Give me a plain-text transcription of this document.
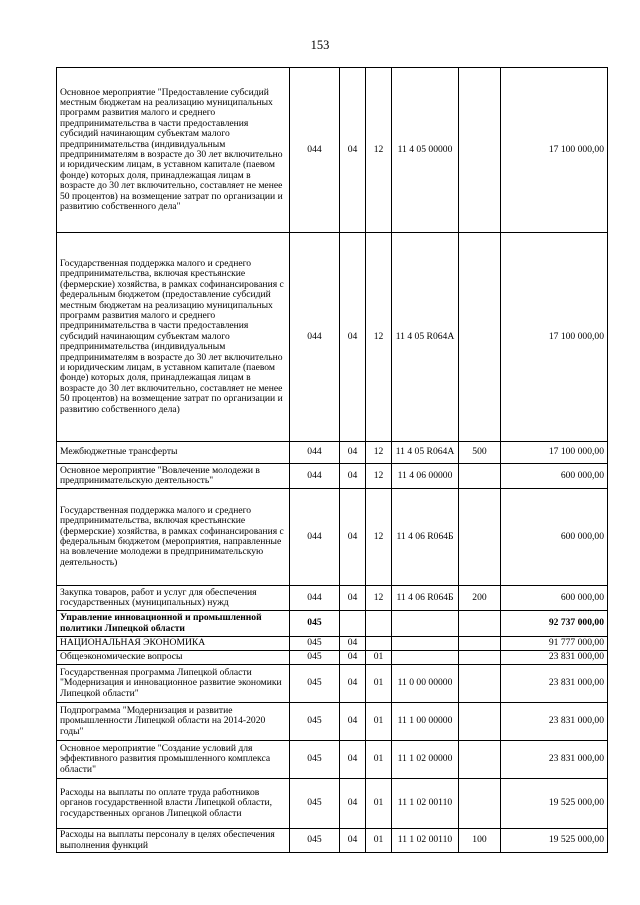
153
Основное мероприятие "Предоставление субсидий местным бюджетам на реализацию муниципальных программ развития малого и среднего предпринимательства в части предоставления субсидий начинающим субъектам малого предпринимательства (индивидуальным предпринимателям в возрасте до 30 лет включительно и юридическим лицам, в уставном капитале (паевом фонде) которых доля, принадлежащая лицам в возрасте до 30 лет включительно, составляет не менее 50 процентов) на возмещение затрат по организации и развитию собственного дела"	044	04	12	11 4 05 00000		17 100 000,00
Государственная поддержка малого и среднего предпринимательства, включая крестьянские (фермерские) хозяйства, в рамках софинансирования с федеральным бюджетом (предоставление субсидий местным бюджетам на реализацию муниципальных программ развития малого и среднего предпринимательства в части предоставления субсидий начинающим субъектам малого предпринимательства (индивидуальным предпринимателям в возрасте до 30 лет включительно и юридическим лицам, в уставном капитале (паевом фонде) которых доля, принадлежащая лицам в возрасте до 30 лет включительно, составляет не менее 50 процентов) на возмещение затрат по организации и развитию собственного дела)	044	04	12	11 4 05 R064А		17 100 000,00
Межбюджетные трансферты	044	04	12	11 4 05 R064А	500	17 100 000,00
Основное мероприятие "Вовлечение молодежи в предпринимательскую деятельность"	044	04	12	11 4 06 00000		600 000,00
Государственная поддержка малого и среднего предпринимательства, включая крестьянские (фермерские) хозяйства, в рамках софинансирования с федеральным бюджетом (мероприятия, направленные на вовлечение молодежи в предпринимательскую деятельность)	044	04	12	11 4 06 R064Б		600 000,00
Закупка товаров, работ и услуг для обеспечения государственных (муниципальных) нужд	044	04	12	11 4 06 R064Б	200	600 000,00
Управление инновационной и промышленной политики Липецкой области	045					92 737 000,00
НАЦИОНАЛЬНАЯ ЭКОНОМИКА	045	04				91 777 000,00
Общеэкономические вопросы	045	04	01			23 831 000,00
Государственная программа Липецкой области "Модернизация и инновационное развитие экономики Липецкой области"	045	04	01	11 0 00 00000		23 831 000,00
Подпрограмма "Модернизация и развитие промышленности Липецкой области на 2014-2020 годы"	045	04	01	11 1 00 00000		23 831 000,00
Основное мероприятие "Создание условий для эффективного развития промышленного комплекса области"	045	04	01	11 1 02 00000		23 831 000,00
Расходы на выплаты по оплате труда работников органов государственной власти Липецкой области, государственных органов Липецкой области	045	04	01	11 1 02 00110		19 525 000,00
Расходы на выплаты персоналу в целях обеспечения выполнения функций	045	04	01	11 1 02 00110	100	19 525 000,00
